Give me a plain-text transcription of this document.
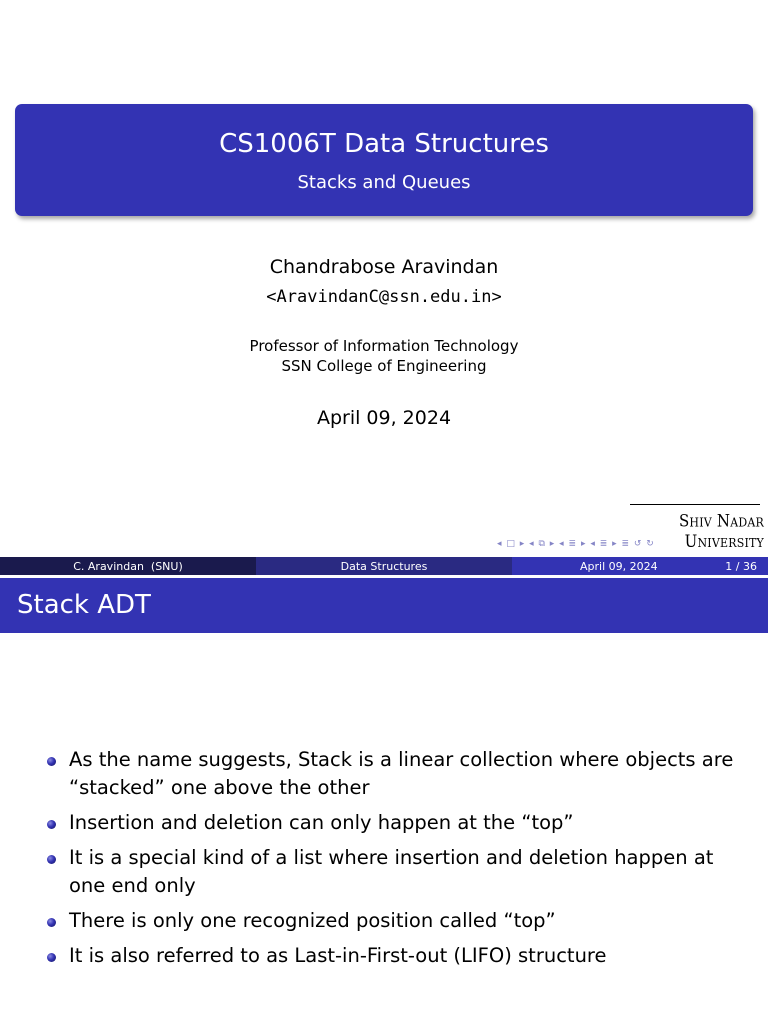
CS1006T Data Structures
Stacks and Queues
Chandrabose Aravindan
<AravindanC@ssn.edu.in>
Professor of Information Technology
SSN College of Engineering
April 09, 2024
Shiv Nadar University
◂ □ ▸ ◂ ⧉ ▸ ◂ ≣ ▸ ◂ ≣ ▸ ≣ ↺ ↻
C. Aravindan  (SNU)	Data Structures	April 09, 2024	1 / 36
Stack ADT
As the name suggests, Stack is a linear collection where objects are “stacked” one above the other
Insertion and deletion can only happen at the “top”
It is a special kind of a list where insertion and deletion happen at one end only
There is only one recognized position called “top”
It is also referred to as Last-in-First-out (LIFO) structure
